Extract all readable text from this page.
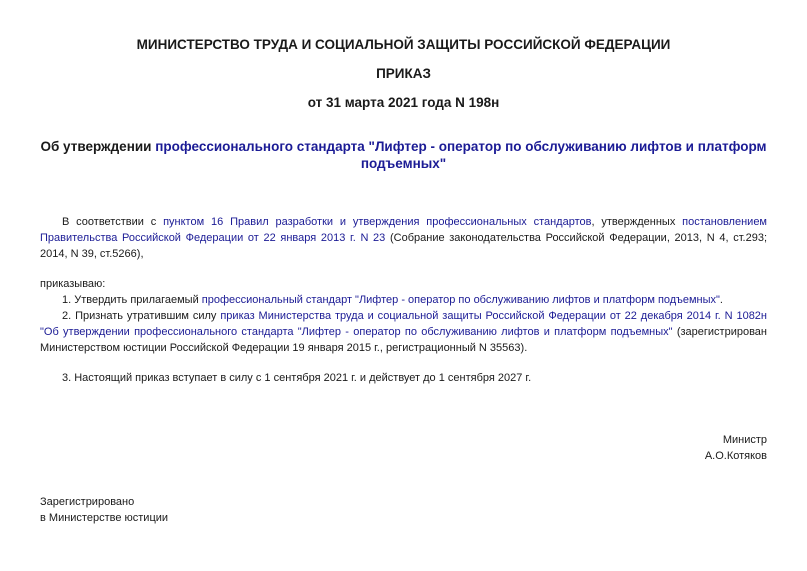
МИНИСТЕРСТВО ТРУДА И СОЦИАЛЬНОЙ ЗАЩИТЫ РОССИЙСКОЙ ФЕДЕРАЦИИ

ПРИКАЗ

от 31 марта 2021 года N 198н

Об утверждении профессионального стандарта "Лифтер - оператор по обслуживанию лифтов и платформ подъемных"

В соответствии с пунктом 16 Правил разработки и утверждения профессиональных стандартов, утвержденных постановлением Правительства Российской Федерации от 22 января 2013 г. N 23 (Собрание законодательства Российской Федерации, 2013, N 4, ст.293; 2014, N 39, ст.5266),

приказываю:

1. Утвердить прилагаемый профессиональный стандарт "Лифтер - оператор по обслуживанию лифтов и платформ подъемных".

2. Признать утратившим силу приказ Министерства труда и социальной защиты Российской Федерации от 22 декабря 2014 г. N 1082н "Об утверждении профессионального стандарта "Лифтер - оператор по обслуживанию лифтов и платформ подъемных" (зарегистрирован Министерством юстиции Российской Федерации 19 января 2015 г., регистрационный N 35563).

3. Настоящий приказ вступает в силу с 1 сентября 2021 г. и действует до 1 сентября 2027 г.

Министр
А.О.Котяков
Зарегистрировано
в Министерстве юстиции
